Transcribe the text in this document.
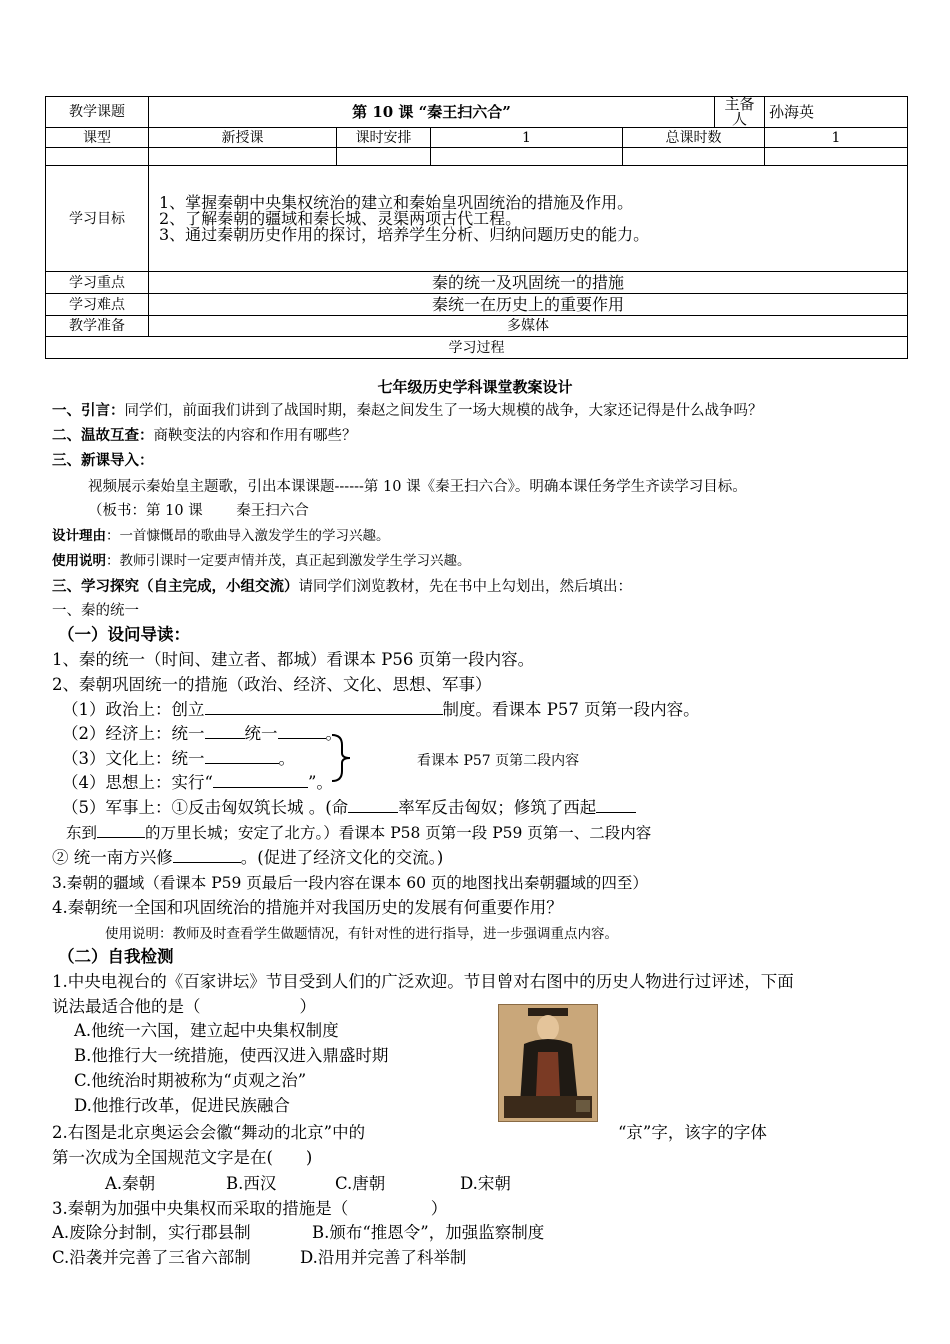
教学课题	第 10 课 “秦王扫六合”				主备人	孙海英
课型	新授课	课时安排	1	总课时数		1

学习目标	1、掌握秦朝中央集权统治的建立和秦始皇巩固统治的措施及作用。
2、了解秦朝的疆域和秦长城、灵渠两项古代工程。
3、通过秦朝历史作用的探讨，培养学生分析、归纳问题历史的能力。					

学习重点	秦的统一及巩固统一的措施					
学习难点	秦统一在历史上的重要作用					
教学准备	多媒体					
学习过程						
七年级历史学科课堂教案设计
一、引言：同学们，前面我们讲到了战国时期，秦赵之间发生了一场大规模的战争，大家还记得是什么战争吗？
二、温故互查：商鞅变法的内容和作用有哪些？
三、新课导入：
视频展示秦始皇主题歌，引出本课课题------第 10 课《秦王扫六合》。明确本课任务学生齐读学习目标。
（板书：第 10 课　　 秦王扫六合
设计理由：一首慷慨昂的歌曲导入激发学生的学习兴趣。
使用说明：教师引课时一定要声情并茂，真正起到激发学生学习兴趣。
三、学习探究（自主完成，小组交流）请同学们浏览教材，先在书中上勾划出，然后填出：
一、秦的统一
（一）设问导读：
1、秦的统一（时间、建立者、都城）看课本 P56 页第一段内容。
2、秦朝巩固统一的措施（政治、经济、文化、思想、军事）
（1）政治上：创立	制度。看课本 P57 页第一段内容。
（2）经济上：统一 统一	。
（3）文化上：统一	。	看课本 P57 页第二段内容
（4）思想上：实行“	”。
（5）军事上：①反击匈奴筑长城 。(命	率军反击匈奴；修筑了西起
东到	的万里长城；安定了北方。）看课本 P58 页第一段 P59 页第一、二段内容
② 统一南方兴修	。(促进了经济文化的交流。)
3.秦朝的疆域（看课本 P59 页最后一段内容在课本 60 页的地图找出秦朝疆域的四至）
4.秦朝统一全国和巩固统治的措施并对我国历史的发展有何重要作用？
使用说明：教师及时查看学生做题情况，有针对性的进行指导，进一步强调重点内容。
（二）自我检测
1.中央电视台的《百家讲坛》节目受到人们的广泛欢迎。节目曾对右图中的历史人物进行过评述，下面
说法最适合他的是（　　　　　　）
A.他统一六国，建立起中央集权制度
B.他推行大一统措施，使西汉进入鼎盛时期
C.他统治时期被称为“贞观之治”
D.他推行改革，促进民族融合
2.右图是北京奥运会会徽“舞动的北京”中的	“京”字，该字的字体
第一次成为全国规范文字是在(　　)
A.秦朝	B.西汉	C.唐朝	D.宋朝
3.秦朝为加强中央集权而采取的措施是（　　　　　）
A.废除分封制，实行郡县制	B.颁布“推恩令”，加强监察制度
C.沿袭并完善了三省六部制	D.沿用并完善了科举制
